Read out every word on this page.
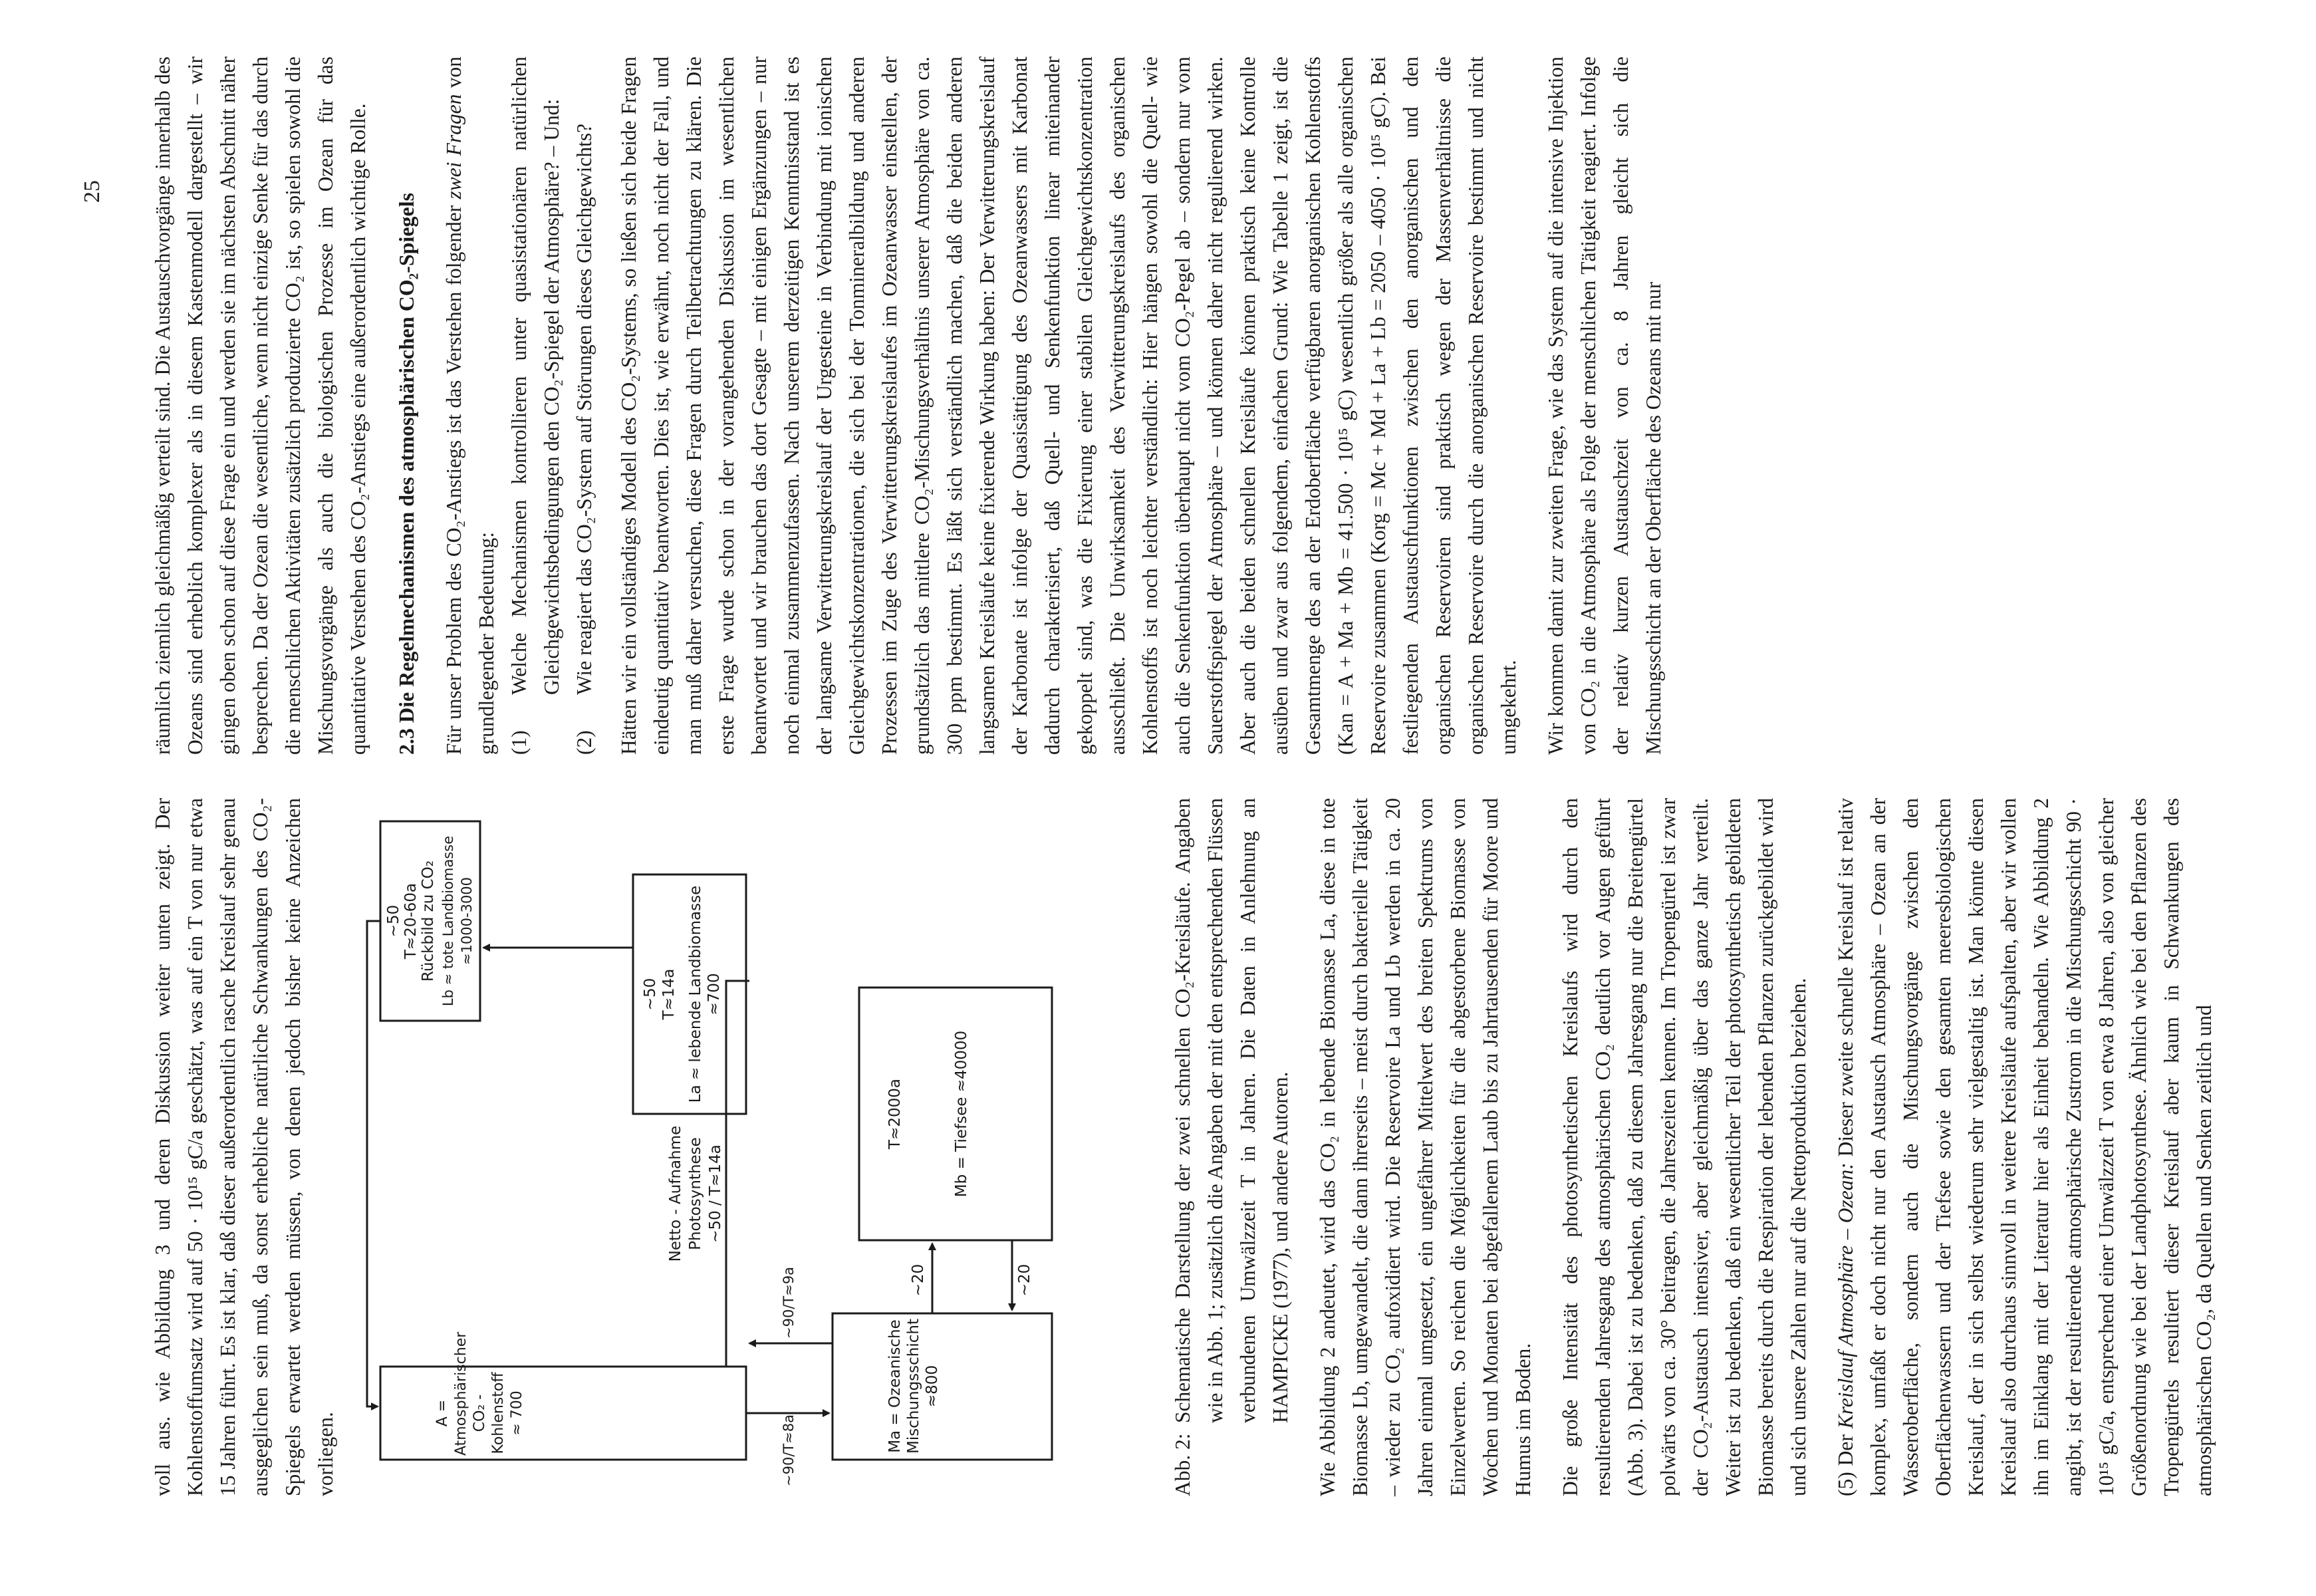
25

voll aus. wie Abbildung 3 und deren Diskussion weiter unten zeigt. Der Kohlenstoffumsatz wird auf 50 · 10¹⁵ gC/a geschätzt, was auf ein T von nur etwa 15 Jahren führt. Es ist klar, daß dieser außerordentlich rasche Kreislauf sehr genau ausgeglichen sein muß, da sonst erhebliche natürliche Schwankungen des CO₂-Spiegels erwartet werden müssen, von denen jedoch bisher keine Anzeichen vorliegen.	A = Atmosphärischer CO₂ - Kohlenstoff ≈ 700
Netto - Aufnahme Photosynthese ~50 / T≈14a
~90/T≈8a
~90/T≈9a
Ma = Ozeanische Mischungsschicht ≈800
~20	~20
T≈2000a	Mb = Tiefsee ≈40000
~50 T≈14a La ≈ lebende Landbiomasse ≈700
~50 T≈20-60a Rückbild zu CO₂ Lb ≈ tote Landbiomasse ≈1000-3000

Abb. 2:
Schematische Darstellung der zwei schnellen CO₂-Kreisläufe. Angaben wie in Abb. 1; zusätzlich die Angaben der mit den entsprechenden Flüssen verbundenen Umwälzzeit T in Jahren. Die Daten in Anlehnung an HAMPICKE (1977), und andere Autoren. Wie Abbildung 2 andeutet, wird das CO₂ in lebende Biomasse La, diese in tote Biomasse Lb, umgewandelt, die dann ihrerseits – meist durch bakterielle Tätigkeit – wieder zu CO₂ aufoxidiert wird. Die Reservoire La und Lb werden in ca. 20 Jahren einmal umgesetzt, ein ungefährer Mittelwert des breiten Spektrums von Einzelwerten. So reichen die Möglichkeiten für die abgestorbene Biomasse von Wochen und Monaten bei abgefallenem Laub bis zu Jahrtausenden für Moore und Humus im Boden. Die große Intensität des photosynthetischen Kreislaufs wird durch den resultierenden Jahresgang des atmosphärischen CO₂ deutlich vor Augen geführt (Abb. 3). Dabei ist zu bedenken, daß zu diesem Jahresgang nur die Breitengürtel polwärts von ca. 30° beitragen, die Jahreszeiten kennen. Im Tropengürtel ist zwar der CO₂-Austausch intensiver, aber gleichmäßig über das ganze Jahr verteilt. Weiter ist zu bedenken, daß ein wesentlicher Teil der photosynthetisch gebildeten Biomasse bereits durch die Respiration der lebenden Pflanzen zurückgebildet wird und sich unsere Zahlen nur auf die Nettoproduktion beziehen. (5) Der Kreislauf Atmosphäre – Ozean: Dieser zweite schnelle Kreislauf ist relativ komplex, umfaßt er doch nicht nur den Austausch Atmosphäre – Ozean an der Wasseroberfläche, sondern auch die Mischungsvorgänge zwischen den Oberflächenwassern und der Tiefsee sowie den gesamten meeresbiologischen Kreislauf, der in sich selbst wiederum sehr vielgestaltig ist. Man könnte diesen Kreislauf also durchaus sinnvoll in weitere Kreisläufe aufspalten, aber wir wollen ihn im Einklang mit der Literatur hier als Einheit behandeln. Wie Abbildung 2 angibt, ist der resultierende atmosphärische Zustrom in die Mischungsschicht 90 · 10¹⁵ gC/a, entsprechend einer Umwälzzeit T von etwa 8 Jahren, also von gleicher Größenordnung wie bei der Landphotosynthese. Ähnlich wie bei den Pflanzen des Tropengürtels resultiert dieser Kreislauf aber kaum in Schwankungen des atmosphärischen CO₂, da Quellen und Senken zeitlich und

räumlich ziemlich gleichmäßig verteilt sind. Die Austauschvorgänge innerhalb des Ozeans sind erheblich komplexer als in diesem Kastenmodell dargestellt – wir gingen oben schon auf diese Frage ein und werden sie im nächsten Abschnitt näher besprechen. Da der Ozean die wesentliche, wenn nicht einzige Senke für das durch die menschlichen Aktivitäten zusätzlich produzierte CO₂ ist, so spielen sowohl die Mischungsvorgänge als auch die biologischen Prozesse im Ozean für das quantitative Verstehen des CO₂-Anstiegs eine außerordentlich wichtige Rolle. 2.3 Die Regelmechanismen des atmosphärischen CO₂-Spiegels Für unser Problem des CO₂-Anstiegs ist das Verstehen folgender zwei Fragen von grundlegender Bedeutung: (1)
Welche Mechanismen kontrollieren unter quasistationären natürlichen Gleichgewichtsbedingungen den CO₂-Spiegel der Atmosphäre? – Und:
(2)
Wie reagiert das CO₂-System auf Störungen dieses Gleichgewichts? Hätten wir ein vollständiges Modell des CO₂-Systems, so ließen sich beide Fragen eindeutig quantitativ beantworten. Dies ist, wie erwähnt, noch nicht der Fall, und man muß daher versuchen, diese Fragen durch Teilbetrachtungen zu klären. Die erste Frage wurde schon in der vorangehenden Diskussion im wesentlichen beantwortet und wir brauchen das dort Gesagte – mit einigen Ergänzungen – nur noch einmal zusammenzufassen. Nach unserem derzeitigen Kenntnisstand ist es der langsame Verwitterungskreislauf der Urgesteine in Verbindung mit ionischen Gleichgewichtskonzentrationen, die sich bei der Tonmineralbildung und anderen Prozessen im Zuge des Verwitterungskreislaufes im Ozeanwasser einstellen, der grundsätzlich das mittlere CO₂-Mischungsverhältnis unserer Atmosphäre von ca. 300 ppm bestimmt. Es läßt sich verständlich machen, daß die beiden anderen langsamen Kreisläufe keine fixierende Wirkung haben: Der Verwitterungskreislauf der Karbonate ist infolge der Quasisättigung des Ozeanwassers mit Karbonat dadurch charakterisiert, daß Quell- und Senkenfunktion linear miteinander gekoppelt sind, was die Fixierung einer stabilen Gleichgewichtskonzentration ausschließt. Die Unwirksamkeit des Verwitterungskreislaufs des organischen Kohlenstoffs ist noch leichter verständlich: Hier hängen sowohl die Quell- wie auch die Senkenfunktion überhaupt nicht vom CO₂-Pegel ab – sondern nur vom Sauerstoffspiegel der Atmosphäre – und können daher nicht regulierend wirken. Aber auch die beiden schnellen Kreisläufe können praktisch keine Kontrolle ausüben und zwar aus folgendem, einfachen Grund: Wie Tabelle 1 zeigt, ist die Gesamtmenge des an der Erdoberfläche verfügbaren anorganischen Kohlenstoffs (Kan = A + Ma + Mb = 41.500 · 10¹⁵ gC) wesentlich größer als alle organischen Reservoire zusammen (Korg = Mc + Md + La + Lb = 2050 – 4050 · 10¹⁵ gC). Bei festliegenden Austauschfunktionen zwischen den anorganischen und den organischen Reservoiren sind praktisch wegen der Massenverhältnisse die organischen Reservoire durch die anorganischen Reservoire bestimmt und nicht umgekehrt. Wir kommen damit zur zweiten Frage, wie das System auf die intensive Injektion von CO₂ in die Atmosphäre als Folge der menschlichen Tätigkeit reagiert. Infolge der relativ kurzen Austauschzeit von ca. 8 Jahren gleicht sich die Mischungsschicht an der Oberfläche des Ozeans mit nur
